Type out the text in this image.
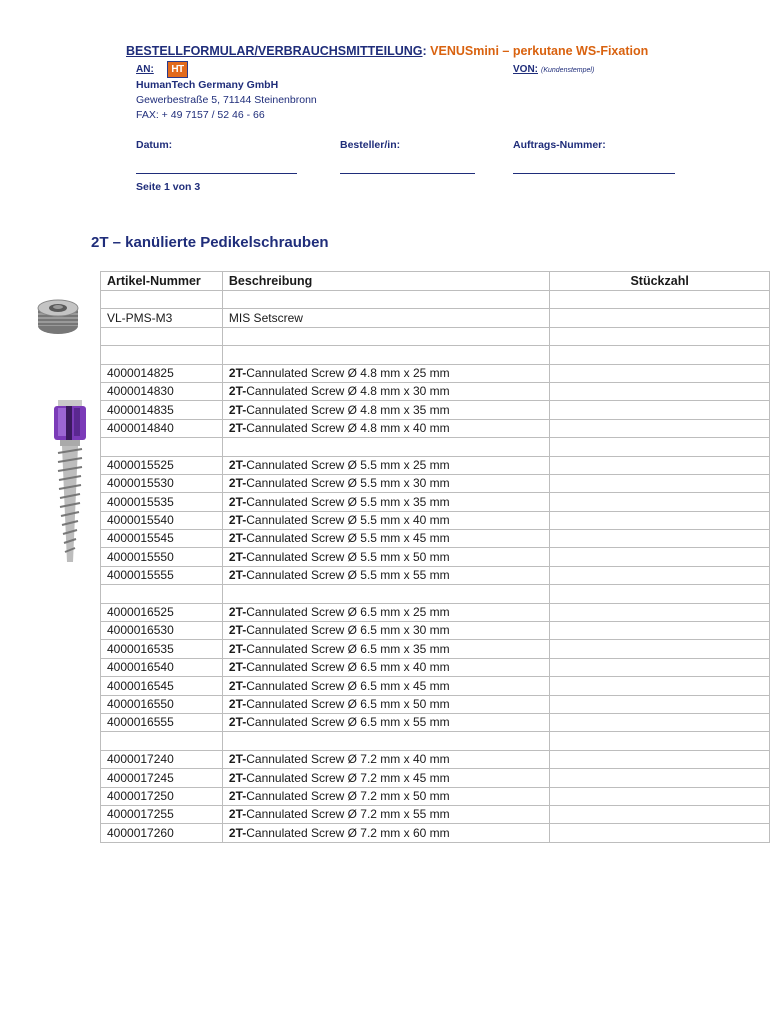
BESTELLFORMULAR/VERBRAUCHSMITTEILUNG: VENUSmini – perkutane WS-Fixation
AN: HT	VON: (Kundenstempel)
HumanTech Germany GmbH
Gewerbestraße 5, 71144 Steinenbronn
FAX: + 49 7157 / 52 46 - 66
Datum:	Besteller/in:	Auftrags-Nummer:
Seite 1 von 3
2T – kanülierte Pedikelschrauben
Artikel-Nummer	Beschreibung	Stückzahl

VL-PMS-M3	MIS Setscrew	

4000014825	2T-Cannulated Screw Ø 4.8 mm x 25 mm	
4000014830	2T-Cannulated Screw Ø 4.8 mm x 30 mm	
4000014835	2T-Cannulated Screw Ø 4.8 mm x 35 mm	
4000014840	2T-Cannulated Screw Ø 4.8 mm x 40 mm	

4000015525	2T-Cannulated Screw Ø 5.5 mm x 25 mm	
4000015530	2T-Cannulated Screw Ø 5.5 mm x 30 mm	
4000015535	2T-Cannulated Screw Ø 5.5 mm x 35 mm	
4000015540	2T-Cannulated Screw Ø 5.5 mm x 40 mm	
4000015545	2T-Cannulated Screw Ø 5.5 mm x 45 mm	
4000015550	2T-Cannulated Screw Ø 5.5 mm x 50 mm	
4000015555	2T-Cannulated Screw Ø 5.5 mm x 55 mm	

4000016525	2T-Cannulated Screw Ø 6.5 mm x 25 mm	
4000016530	2T-Cannulated Screw Ø 6.5 mm x 30 mm	
4000016535	2T-Cannulated Screw Ø 6.5 mm x 35 mm	
4000016540	2T-Cannulated Screw Ø 6.5 mm x 40 mm	
4000016545	2T-Cannulated Screw Ø 6.5 mm x 45 mm	
4000016550	2T-Cannulated Screw Ø 6.5 mm x 50 mm	
4000016555	2T-Cannulated Screw Ø 6.5 mm x 55 mm	

4000017240	2T-Cannulated Screw Ø 7.2 mm x 40 mm	
4000017245	2T-Cannulated Screw Ø 7.2 mm x 45 mm	
4000017250	2T-Cannulated Screw Ø 7.2 mm x 50 mm	
4000017255	2T-Cannulated Screw Ø 7.2 mm x 55 mm	
4000017260	2T-Cannulated Screw Ø 7.2 mm x 60 mm	
